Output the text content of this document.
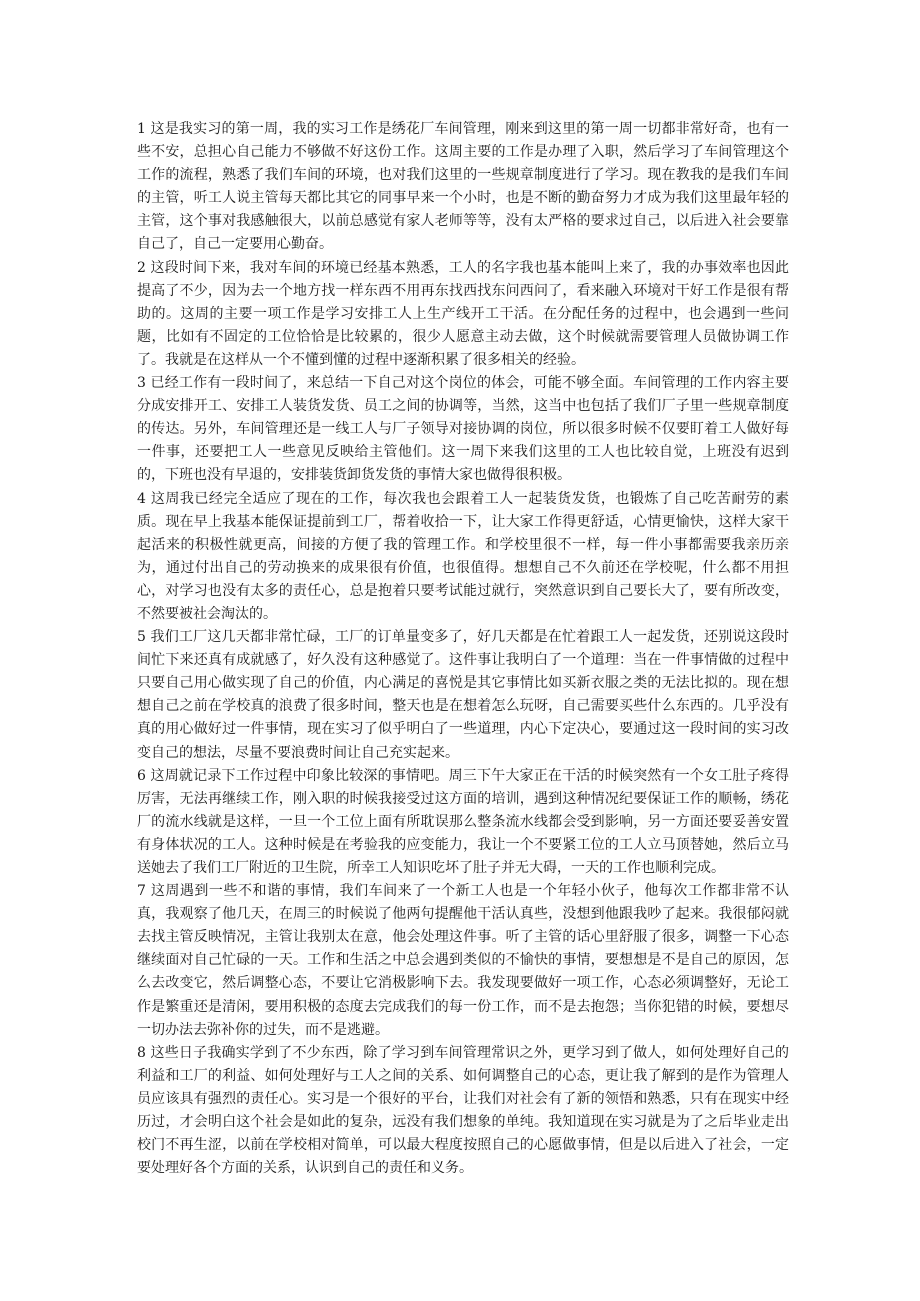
1 这是我实习的第一周，我的实习工作是绣花厂车间管理，刚来到这里的第一周一切都非常好奇，也有一些不安，总担心自己能力不够做不好这份工作。这周主要的工作是办理了入职，然后学习了车间管理这个工作的流程，熟悉了我们车间的环境，也对我们这里的一些规章制度进行了学习。现在教我的是我们车间的主管，听工人说主管每天都比其它的同事早来一个小时，也是不断的勤奋努力才成为我们这里最年轻的主管，这个事对我感触很大，以前总感觉有家人老师等等，没有太严格的要求过自己，以后进入社会要靠自己了，自己一定要用心勤奋。

2 这段时间下来，我对车间的环境已经基本熟悉，工人的名字我也基本能叫上来了，我的办事效率也因此提高了不少，因为去一个地方找一样东西不用再东找西找东问西问了，看来融入环境对干好工作是很有帮助的。这周的主要一项工作是学习安排工人上生产线开工干活。在分配任务的过程中，也会遇到一些问题，比如有不固定的工位恰恰是比较累的，很少人愿意主动去做，这个时候就需要管理人员做协调工作了。我就是在这样从一个不懂到懂的过程中逐渐积累了很多相关的经验。

3 已经工作有一段时间了，来总结一下自己对这个岗位的体会，可能不够全面。车间管理的工作内容主要分成安排开工、安排工人装货发货、员工之间的协调等，当然，这当中也包括了我们厂子里一些规章制度的传达。另外，车间管理还是一线工人与厂子领导对接协调的岗位，所以很多时候不仅要盯着工人做好每一件事，还要把工人一些意见反映给主管他们。这一周下来我们这里的工人也比较自觉，上班没有迟到的，下班也没有早退的，安排装货卸货发货的事情大家也做得很积极。

4 这周我已经完全适应了现在的工作，每次我也会跟着工人一起装货发货，也锻炼了自己吃苦耐劳的素质。现在早上我基本能保证提前到工厂，帮着收拾一下，让大家工作得更舒适，心情更愉快，这样大家干起活来的积极性就更高，间接的方便了我的管理工作。和学校里很不一样，每一件小事都需要我亲历亲为，通过付出自己的劳动换来的成果很有价值，也很值得。想想自己不久前还在学校呢，什么都不用担心，对学习也没有太多的责任心，总是抱着只要考试能过就行，突然意识到自己要长大了，要有所改变，不然要被社会淘汰的。

5 我们工厂这几天都非常忙碌，工厂的订单量变多了，好几天都是在忙着跟工人一起发货，还别说这段时间忙下来还真有成就感了，好久没有这种感觉了。这件事让我明白了一个道理：当在一件事情做的过程中只要自己用心做实现了自己的价值，内心满足的喜悦是其它事情比如买新衣服之类的无法比拟的。现在想想自己之前在学校真的浪费了很多时间，整天也是在想着怎么玩呀，自己需要买些什么东西的。几乎没有真的用心做好过一件事情，现在实习了似乎明白了一些道理，内心下定决心，要通过这一段时间的实习改变自己的想法，尽量不要浪费时间让自己充实起来。

6 这周就记录下工作过程中印象比较深的事情吧。周三下午大家正在干活的时候突然有一个女工肚子疼得厉害，无法再继续工作，刚入职的时候我接受过这方面的培训，遇到这种情况纪要保证工作的顺畅，绣花厂的流水线就是这样，一旦一个工位上面有所耽误那么整条流水线都会受到影响，另一方面还要妥善安置有身体状况的工人。这种时候是在考验我的应变能力，我让一个不要紧工位的工人立马顶替她，然后立马送她去了我们工厂附近的卫生院，所幸工人知识吃坏了肚子并无大碍，一天的工作也顺利完成。

7 这周遇到一些不和谐的事情，我们车间来了一个新工人也是一个年轻小伙子，他每次工作都非常不认真，我观察了他几天，在周三的时候说了他两句提醒他干活认真些，没想到他跟我吵了起来。我很郁闷就去找主管反映情况，主管让我别太在意，他会处理这件事。听了主管的话心里舒服了很多，调整一下心态继续面对自己忙碌的一天。工作和生活之中总会遇到类似的不愉快的事情，要想想是不是自己的原因，怎么去改变它，然后调整心态，不要让它消极影响下去。我发现要做好一项工作，心态必须调整好，无论工作是繁重还是清闲，要用积极的态度去完成我们的每一份工作，而不是去抱怨；当你犯错的时候，要想尽一切办法去弥补你的过失，而不是逃避。

8 这些日子我确实学到了不少东西，除了学习到车间管理常识之外，更学习到了做人，如何处理好自己的利益和工厂的利益、如何处理好与工人之间的关系、如何调整自己的心态，更让我了解到的是作为管理人员应该具有强烈的责任心。实习是一个很好的平台，让我们对社会有了新的领悟和熟悉，只有在现实中经历过，才会明白这个社会是如此的复杂，远没有我们想象的单纯。我知道现在实习就是为了之后毕业走出校门不再生涩，以前在学校相对简单，可以最大程度按照自己的心愿做事情，但是以后进入了社会，一定要处理好各个方面的关系，认识到自己的责任和义务。
